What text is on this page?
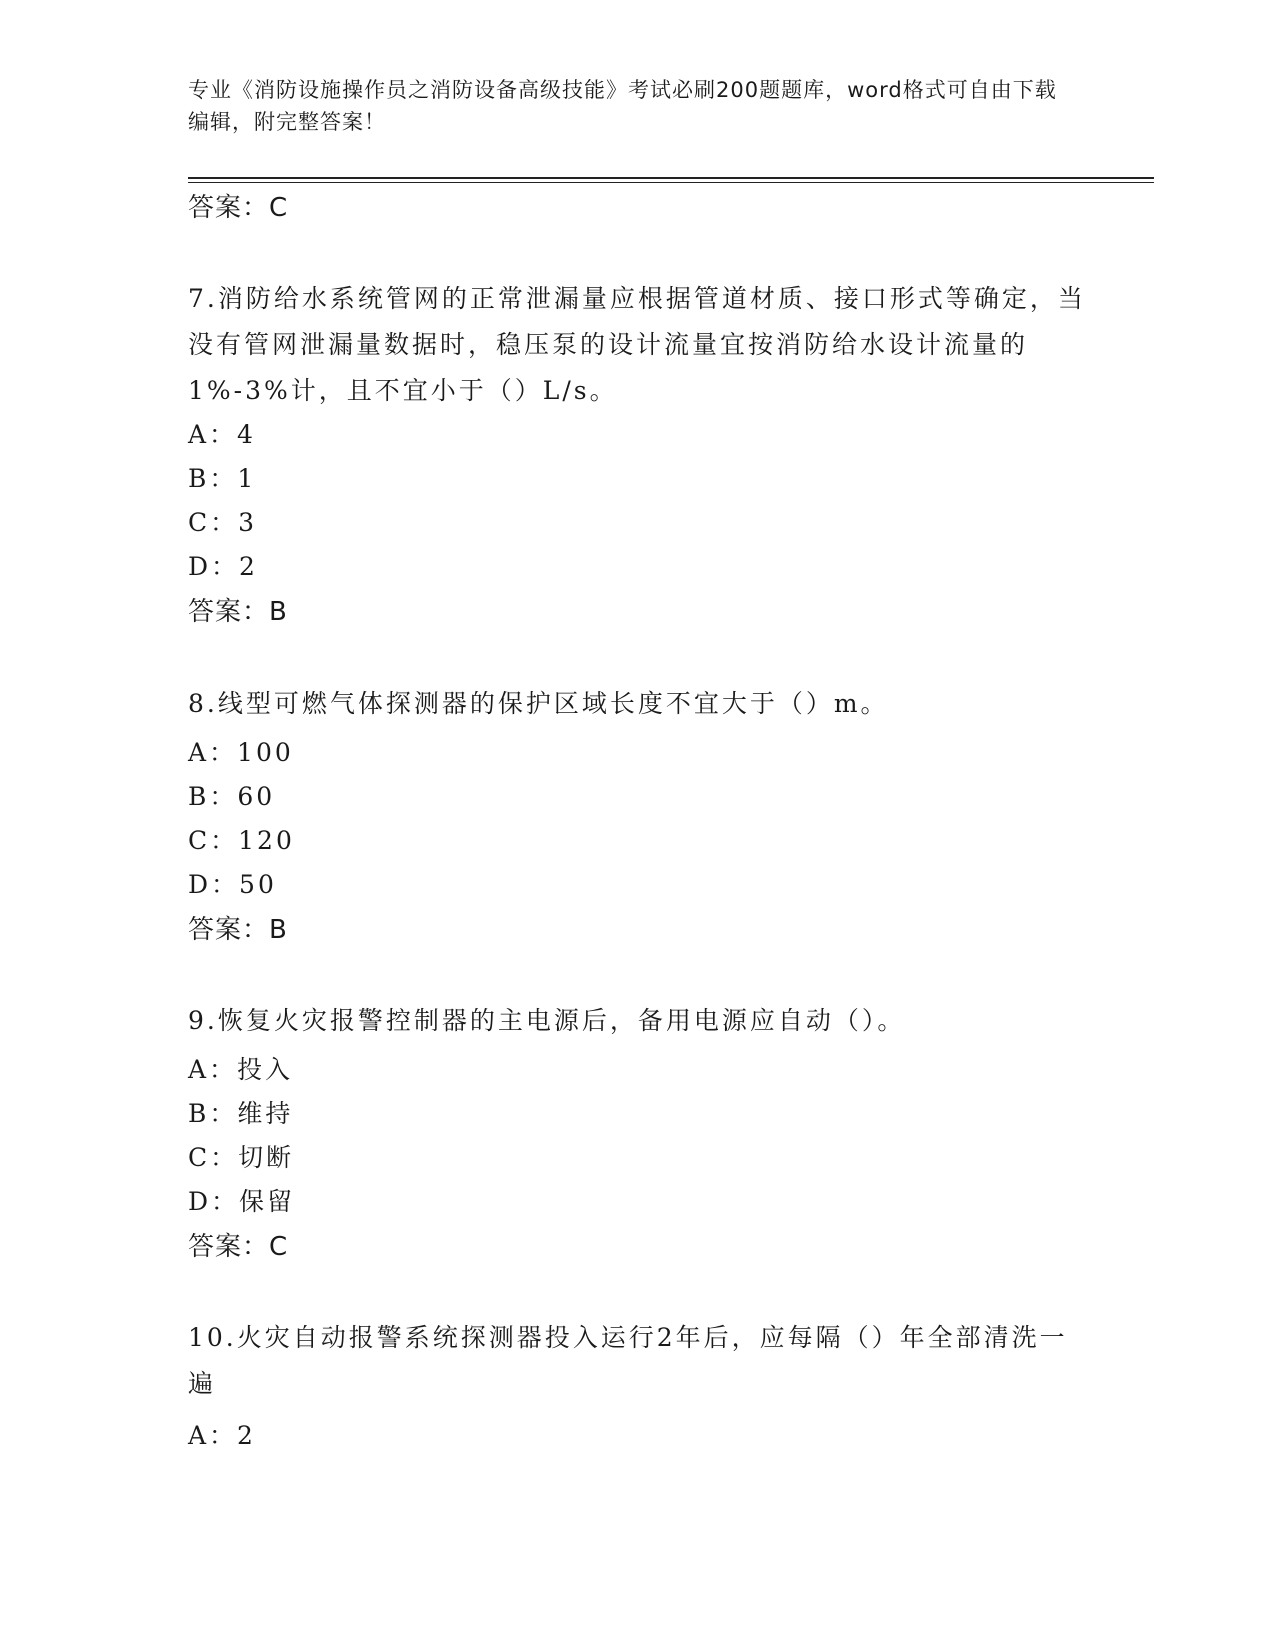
专业《消防设施操作员之消防设备高级技能》考试必刷200题题库，word格式可自由下载编辑，附完整答案！
答案：C
7.消防给水系统管网的正常泄漏量应根据管道材质、接口形式等确定，当没有管网泄漏量数据时，稳压泵的设计流量宜按消防给水设计流量的1%-3%计，且不宜小于（）L/s。
A：4
B：1
C：3
D：2
答案：B
8.线型可燃气体探测器的保护区域长度不宜大于（）m。
A：100
B：60
C：120
D：50
答案：B
9.恢复火灾报警控制器的主电源后，备用电源应自动（）。
A：投入
B：维持
C：切断
D：保留
答案：C
10.火灾自动报警系统探测器投入运行2年后，应每隔（）年全部清洗一遍
A：2
